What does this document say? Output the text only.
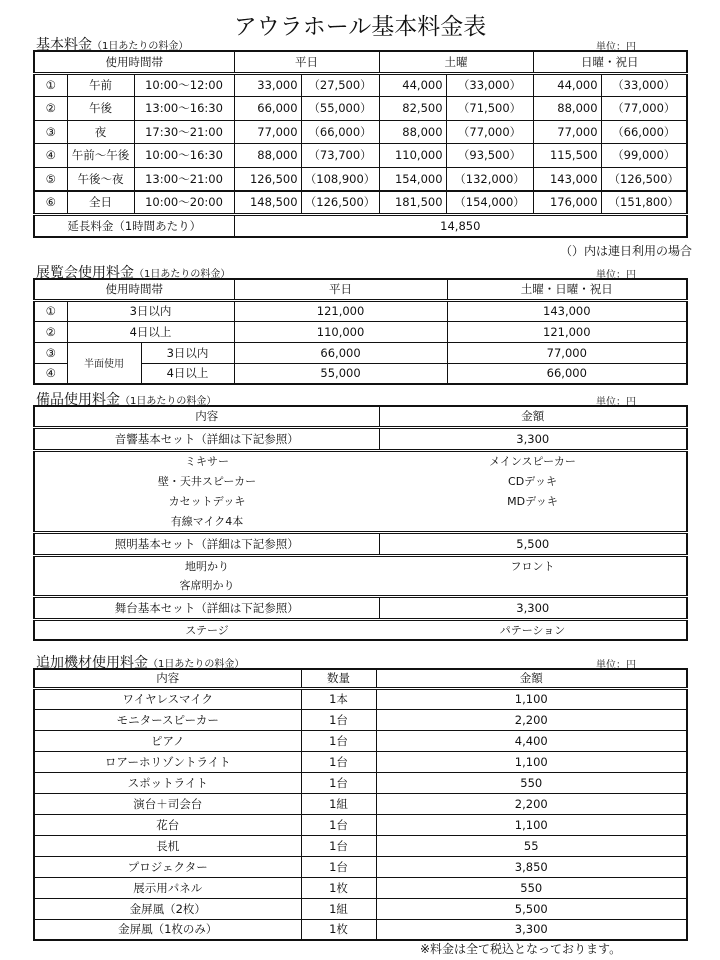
アウラホール基本料金表
基本料金（1日あたりの料金）	単位：円
使用時間帯			平日		土曜		日曜・祝日	
①	午前	10:00～12:00	33,000	（27,500）	44,000	（33,000）	44,000	（33,000）
②	午後	13:00～16:30	66,000	（55,000）	82,500	（71,500）	88,000	（77,000）
③	夜	17:30～21:00	77,000	（66,000）	88,000	（77,000）	77,000	（66,000）
④	午前～午後	10:00～16:30	88,000	（73,700）	110,000	（93,500）	115,500	（99,000）
⑤	午後～夜	13:00～21:00	126,500	（108,900）	154,000	（132,000）	143,000	（126,500）
⑥	全日	10:00～20:00	148,500	（126,500）	181,500	（154,000）	176,000	（151,800）
延長料金（1時間あたり）			14,850					
（）内は連日利用の場合
展覧会使用料金（1日あたりの料金）	単位：円
使用時間帯			平日	土曜・日曜・祝日
①	3日以内		121,000	143,000
②	4日以上		110,000	121,000
③	半面使用	3日以内	66,000	77,000
④		4日以上	55,000	66,000
備品使用料金（1日あたりの料金）	単位：円
内容	金額
音響基本セット（詳細は下記参照）	3,300
ミキサー	メインスピーカー
壁・天井スピーカー	CDデッキ
カセットデッキ	MDデッキ
有線マイク4本	
照明基本セット（詳細は下記参照）	5,500
地明かり	フロント
客席明かり	
舞台基本セット（詳細は下記参照）	3,300
ステージ	パテーション
追加機材使用料金（1日あたりの料金）	単位：円
内容	数量	金額
ワイヤレスマイク	1本	1,100
モニタースピーカー	1台	2,200
ピアノ	1台	4,400
ロアーホリゾントライト	1台	1,100
スポットライト	1台	550
演台＋司会台	1組	2,200
花台	1台	1,100
長机	1台	55
プロジェクター	1台	3,850
展示用パネル	1枚	550
金屏風（2枚）	1組	5,500
金屏風（1枚のみ）	1枚	3,300
※料金は全て税込となっております。
